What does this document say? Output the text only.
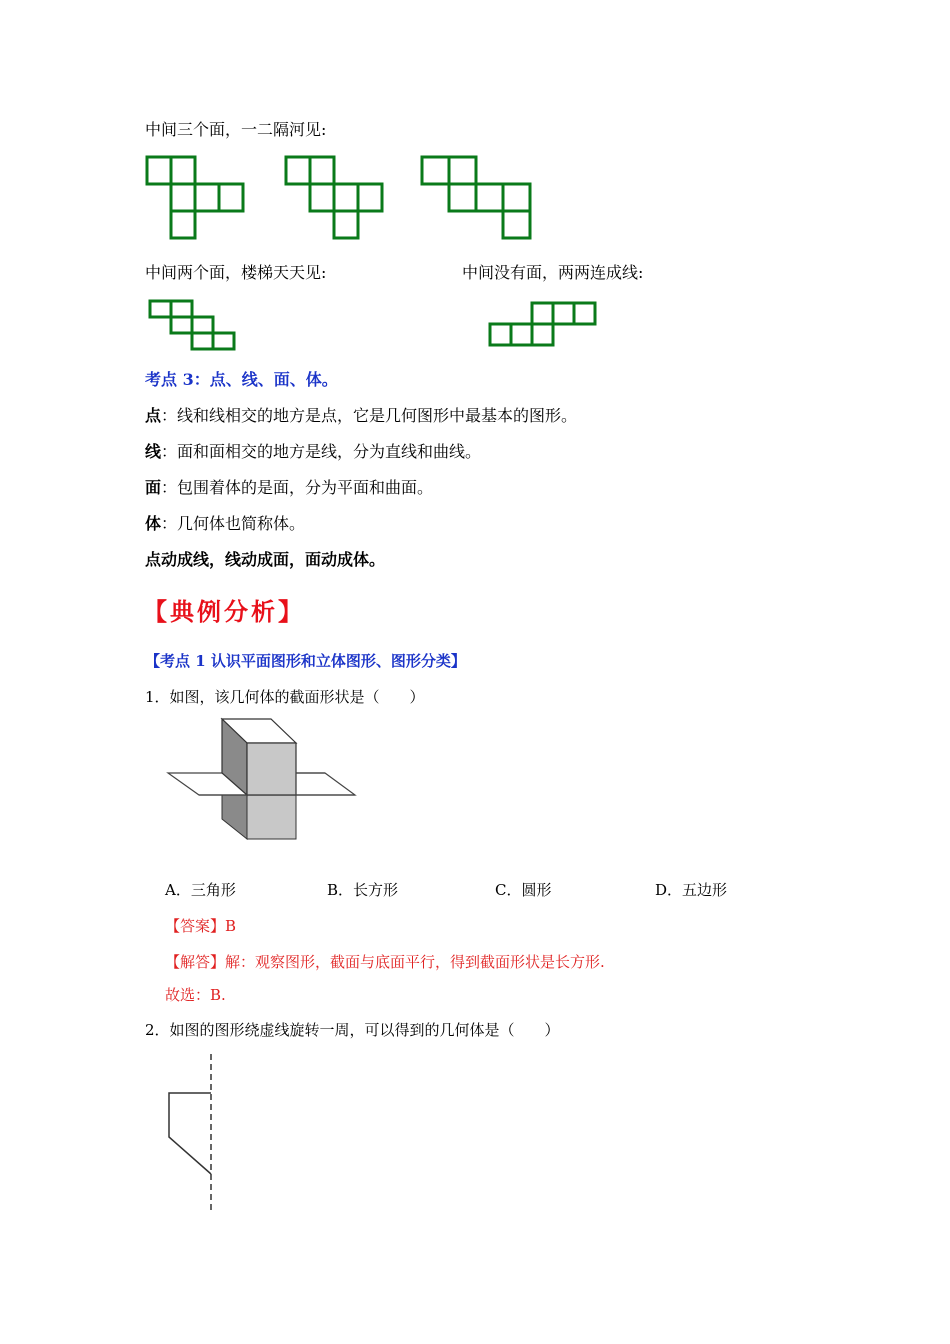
中间三个面，一二隔河见:
中间两个面，楼梯天天见:	中间没有面，两两连成线:
考点 3：点、线、面、体。
点：线和线相交的地方是点，它是几何图形中最基本的图形。
线：面和面相交的地方是线，分为直线和曲线。
面：包围着体的是面，分为平面和曲面。
体：几何体也简称体。
点动成线，线动成面，面动成体。
【典例分析】
【考点 1 认识平面图形和立体图形、图形分类】
1．如图，该几何体的截面形状是（　　）
A．三角形	B．长方形	C．圆形	D．五边形
【答案】B
【解答】解：观察图形，截面与底面平行，得到截面形状是长方形.
故选：B.
2．如图的图形绕虚线旋转一周，可以得到的几何体是（　　）
